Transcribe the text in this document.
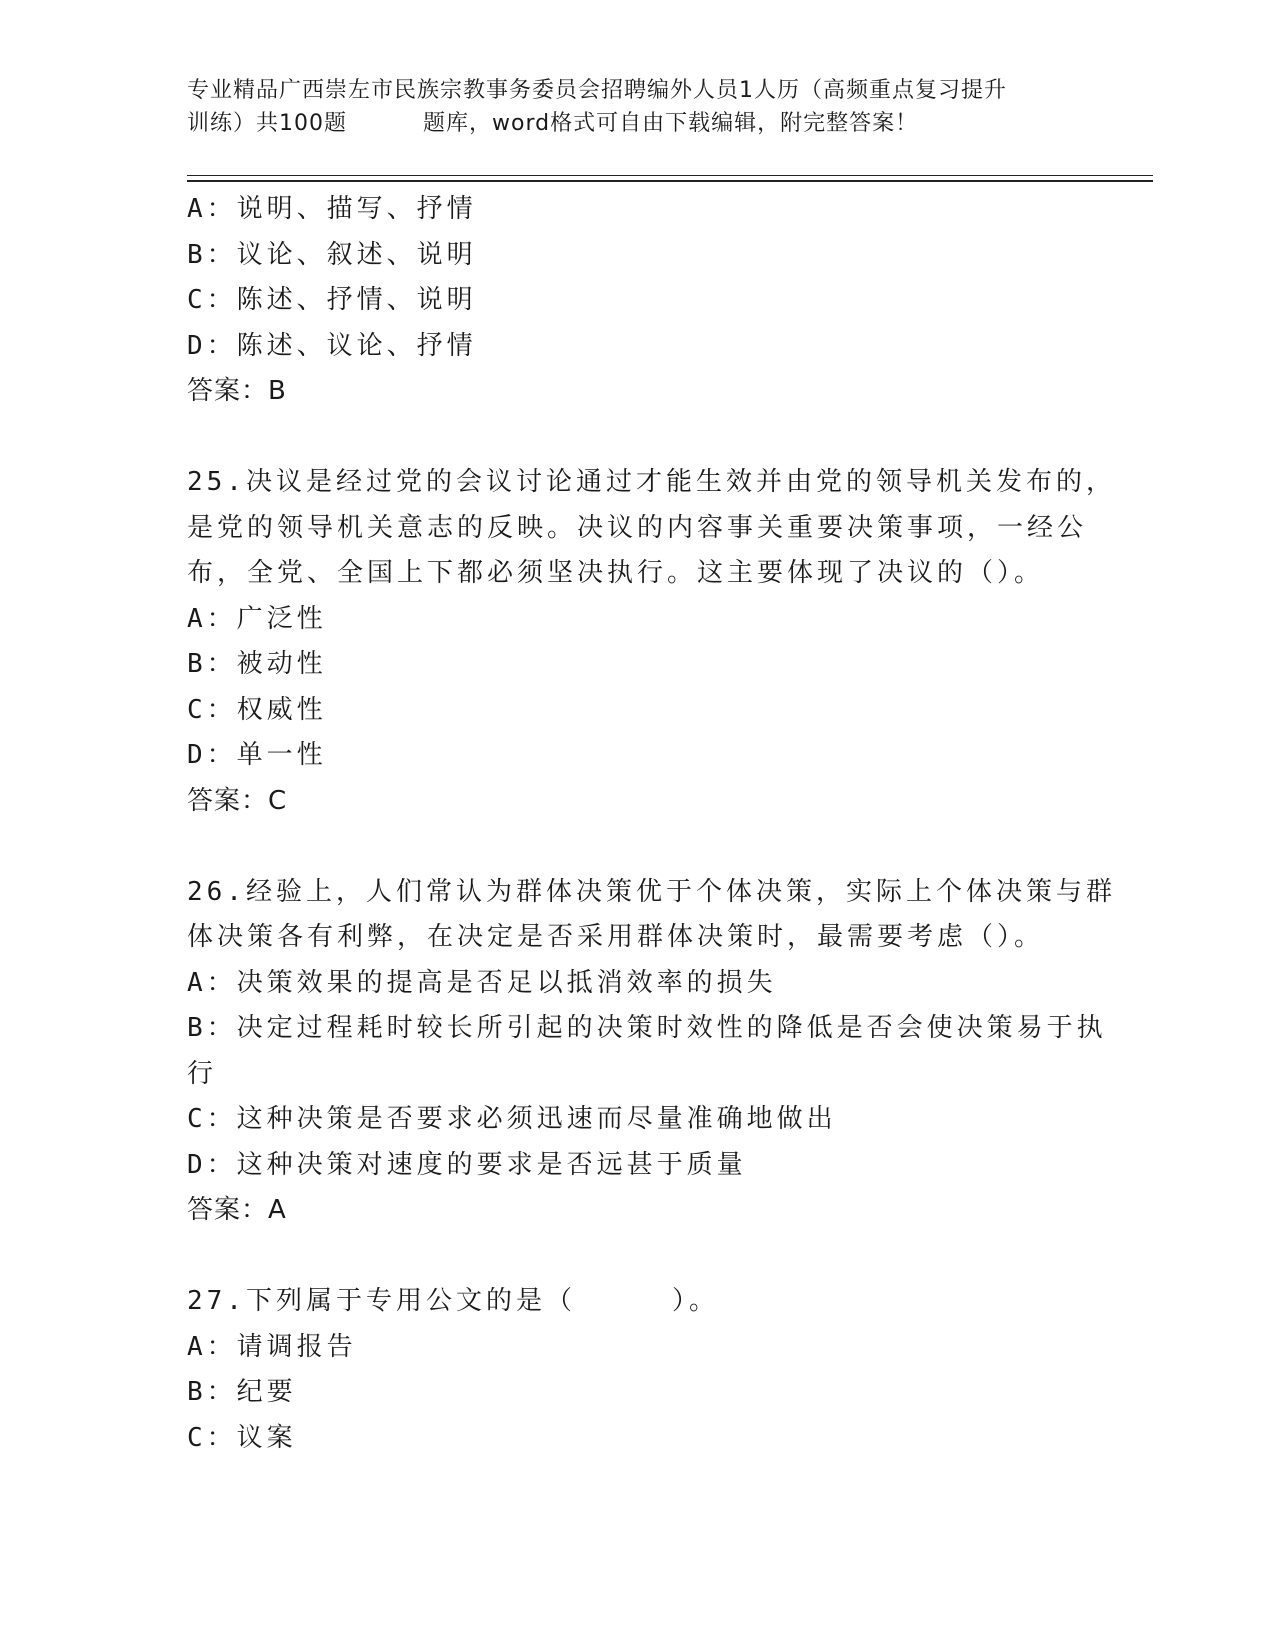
专业精品广西崇左市民族宗教事务委员会招聘编外人员1人历（高频重点复习提升
训练）共100题	题库，word格式可自由下载编辑，附完整答案！
A：说明、描写、抒情
B：议论、叙述、说明
C：陈述、抒情、说明
D：陈述、议论、抒情
答案：B
25.决议是经过党的会议讨论通过才能生效并由党的领导机关发布的，
是党的领导机关意志的反映。决议的内容事关重要决策事项，一经公
布，全党、全国上下都必须坚决执行。这主要体现了决议的（）。
A：广泛性
B：被动性
C：权威性
D：单一性
答案：C
26.经验上，人们常认为群体决策优于个体决策，实际上个体决策与群
体决策各有利弊，在决定是否采用群体决策时，最需要考虑（）。
A：决策效果的提高是否足以抵消效率的损失
B：决定过程耗时较长所引起的决策时效性的降低是否会使决策易于执
行
C：这种决策是否要求必须迅速而尽量准确地做出
D：这种决策对速度的要求是否远甚于质量
答案：A
27.下列属于专用公文的是（	）。
A：请调报告
B：纪要
C：议案
